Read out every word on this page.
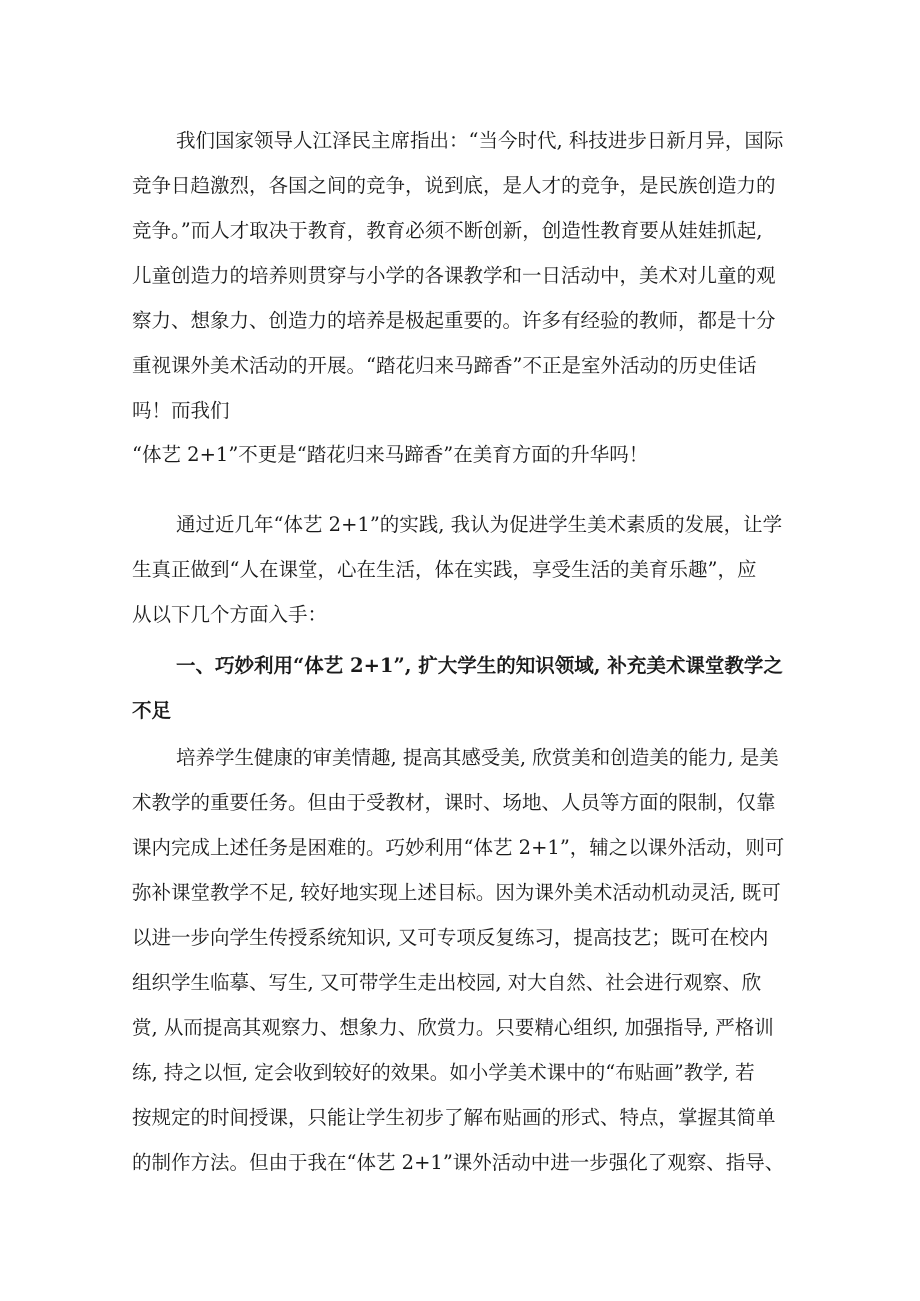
我们国家领导人江泽民主席指出：“当今时代, 科技进步日新月异，国际
竞争日趋激烈，各国之间的竞争，说到底，是人才的竞争，是民族创造力的
竞争。”而人才取决于教育，教育必须不断创新，创造性教育要从娃娃抓起,
儿童创造力的培养则贯穿与小学的各课教学和一日活动中，美术对儿童的观
察力、想象力、创造力的培养是极起重要的。许多有经验的教师，都是十分
重视课外美术活动的开展。“踏花归来马蹄香”不正是室外活动的历史佳话
吗！而我们
“体艺 2+1”不更是“踏花归来马蹄香”在美育方面的升华吗！
通过近几年“体艺 2+1”的实践, 我认为促进学生美术素质的发展，让学
生真正做到“人在课堂，心在生活，体在实践，享受生活的美育乐趣”，应
从以下几个方面入手：
一、巧妙利用“体艺 2+1”, 扩大学生的知识领域, 补充美术课堂教学之
不足
培养学生健康的审美情趣, 提高其感受美, 欣赏美和创造美的能力, 是美
术教学的重要任务。但由于受教材，课时、场地、人员等方面的限制，仅靠
课内完成上述任务是困难的。巧妙利用“体艺 2+1”，辅之以课外活动，则可
弥补课堂教学不足, 较好地实现上述目标。因为课外美术活动机动灵活, 既可
以进一步向学生传授系统知识, 又可专项反复练习，提高技艺；既可在校内
组织学生临摹、写生, 又可带学生走出校园, 对大自然、社会进行观察、欣
赏, 从而提高其观察力、想象力、欣赏力。只要精心组织, 加强指导, 严格训
练, 持之以恒, 定会收到较好的效果。如小学美术课中的“布贴画”教学, 若
按规定的时间授课，只能让学生初步了解布贴画的形式、特点，掌握其简单
的制作方法。但由于我在“体艺 2+1”课外活动中进一步强化了观察、指导、
